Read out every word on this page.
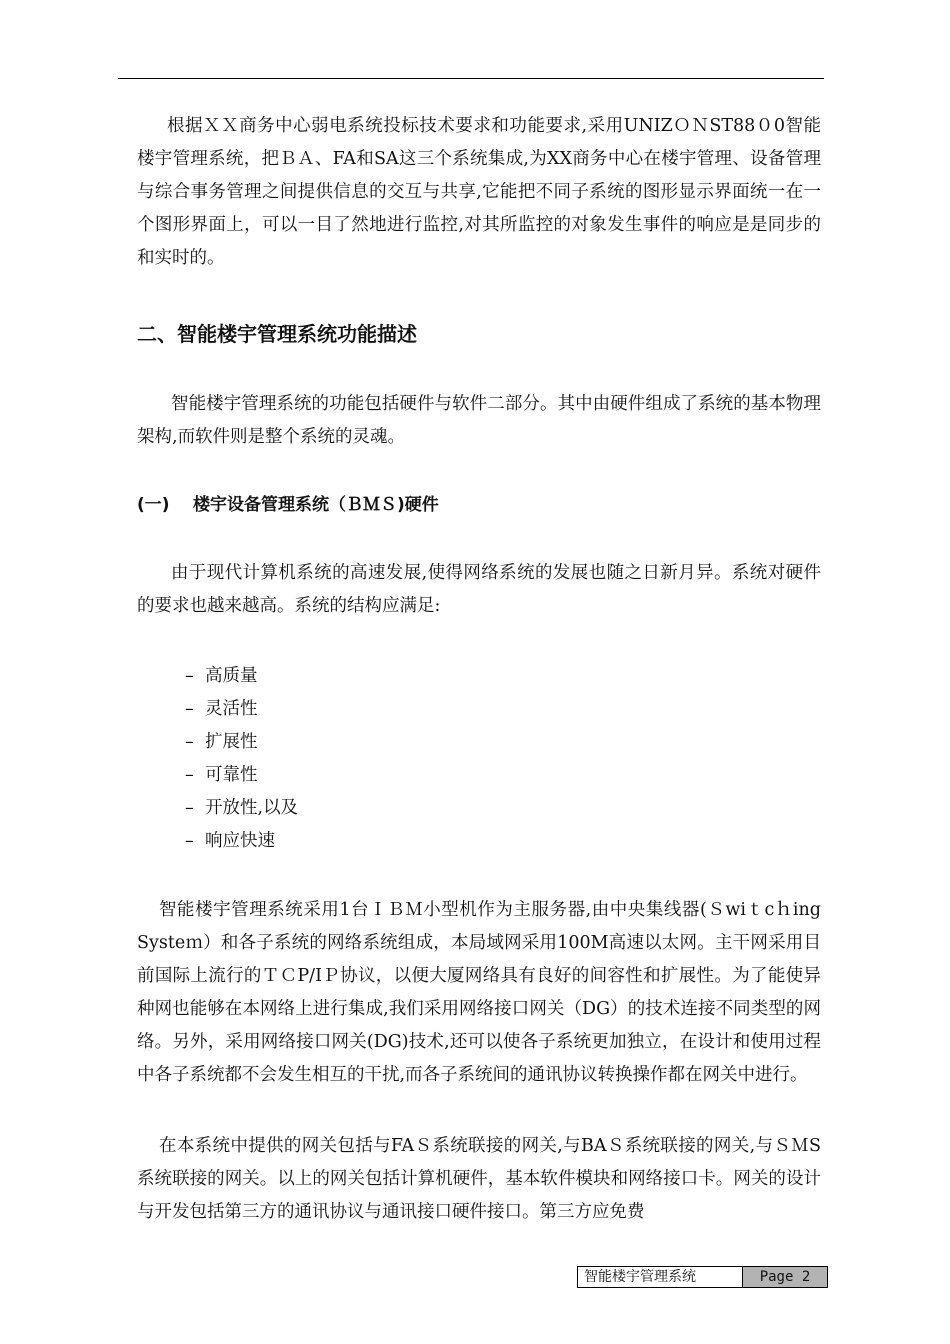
根据ＸＸ商务中心弱电系统投标技术要求和功能要求,采用UNIZＯＮST88０0智能楼宇管理系统，把ＢＡ、FA和SA这三个系统集成,为XX商务中心在楼宇管理、设备管理与综合事务管理之间提供信息的交互与共享,它能把不同子系统的图形显示界面统一在一个图形界面上，可以一目了然地进行监控,对其所监控的对象发生事件的响应是是同步的和实时的。

二、智能楼宇管理系统功能描述

智能楼宇管理系统的功能包括硬件与软件二部分。其中由硬件组成了系统的基本物理架构,而软件则是整个系统的灵魂。

(一) 楼宇设备管理系统（ＢＭＳ)硬件

由于现代计算机系统的高速发展,使得网络系统的发展也随之日新月异。系统对硬件的要求也越来越高。系统的结构应满足:

– 高质量
– 灵活性
– 扩展性
– 可靠性
– 开放性,以及
– 响应快速

智能楼宇管理系统采用1台ＩＢＭ小型机作为主服务器,由中央集线器(Ｓwiｔcｈing Systeｍ）和各子系统的网络系统组成，本局域网采用100M高速以太网。主干网采用目前国际上流行的ＴＣP/IＰ协议，以便大厦网络具有良好的间容性和扩展性。为了能使异种网也能够在本网络上进行集成,我们采用网络接口网关（DG）的技术连接不同类型的网络。另外，采用网络接口网关(DG)技术,还可以使各子系统更加独立，在设计和使用过程中各子系统都不会发生相互的干扰,而各子系统间的通讯协议转换操作都在网关中进行。

在本系统中提供的网关包括与FAＳ系统联接的网关,与BAＳ系统联接的网关,与ＳＭS系统联接的网关。以上的网关包括计算机硬件，基本软件模块和网络接口卡。网关的设计与开发包括第三方的通讯协议与通讯接口硬件接口。第三方应免费

智能楼宇管理系统	Page 2
